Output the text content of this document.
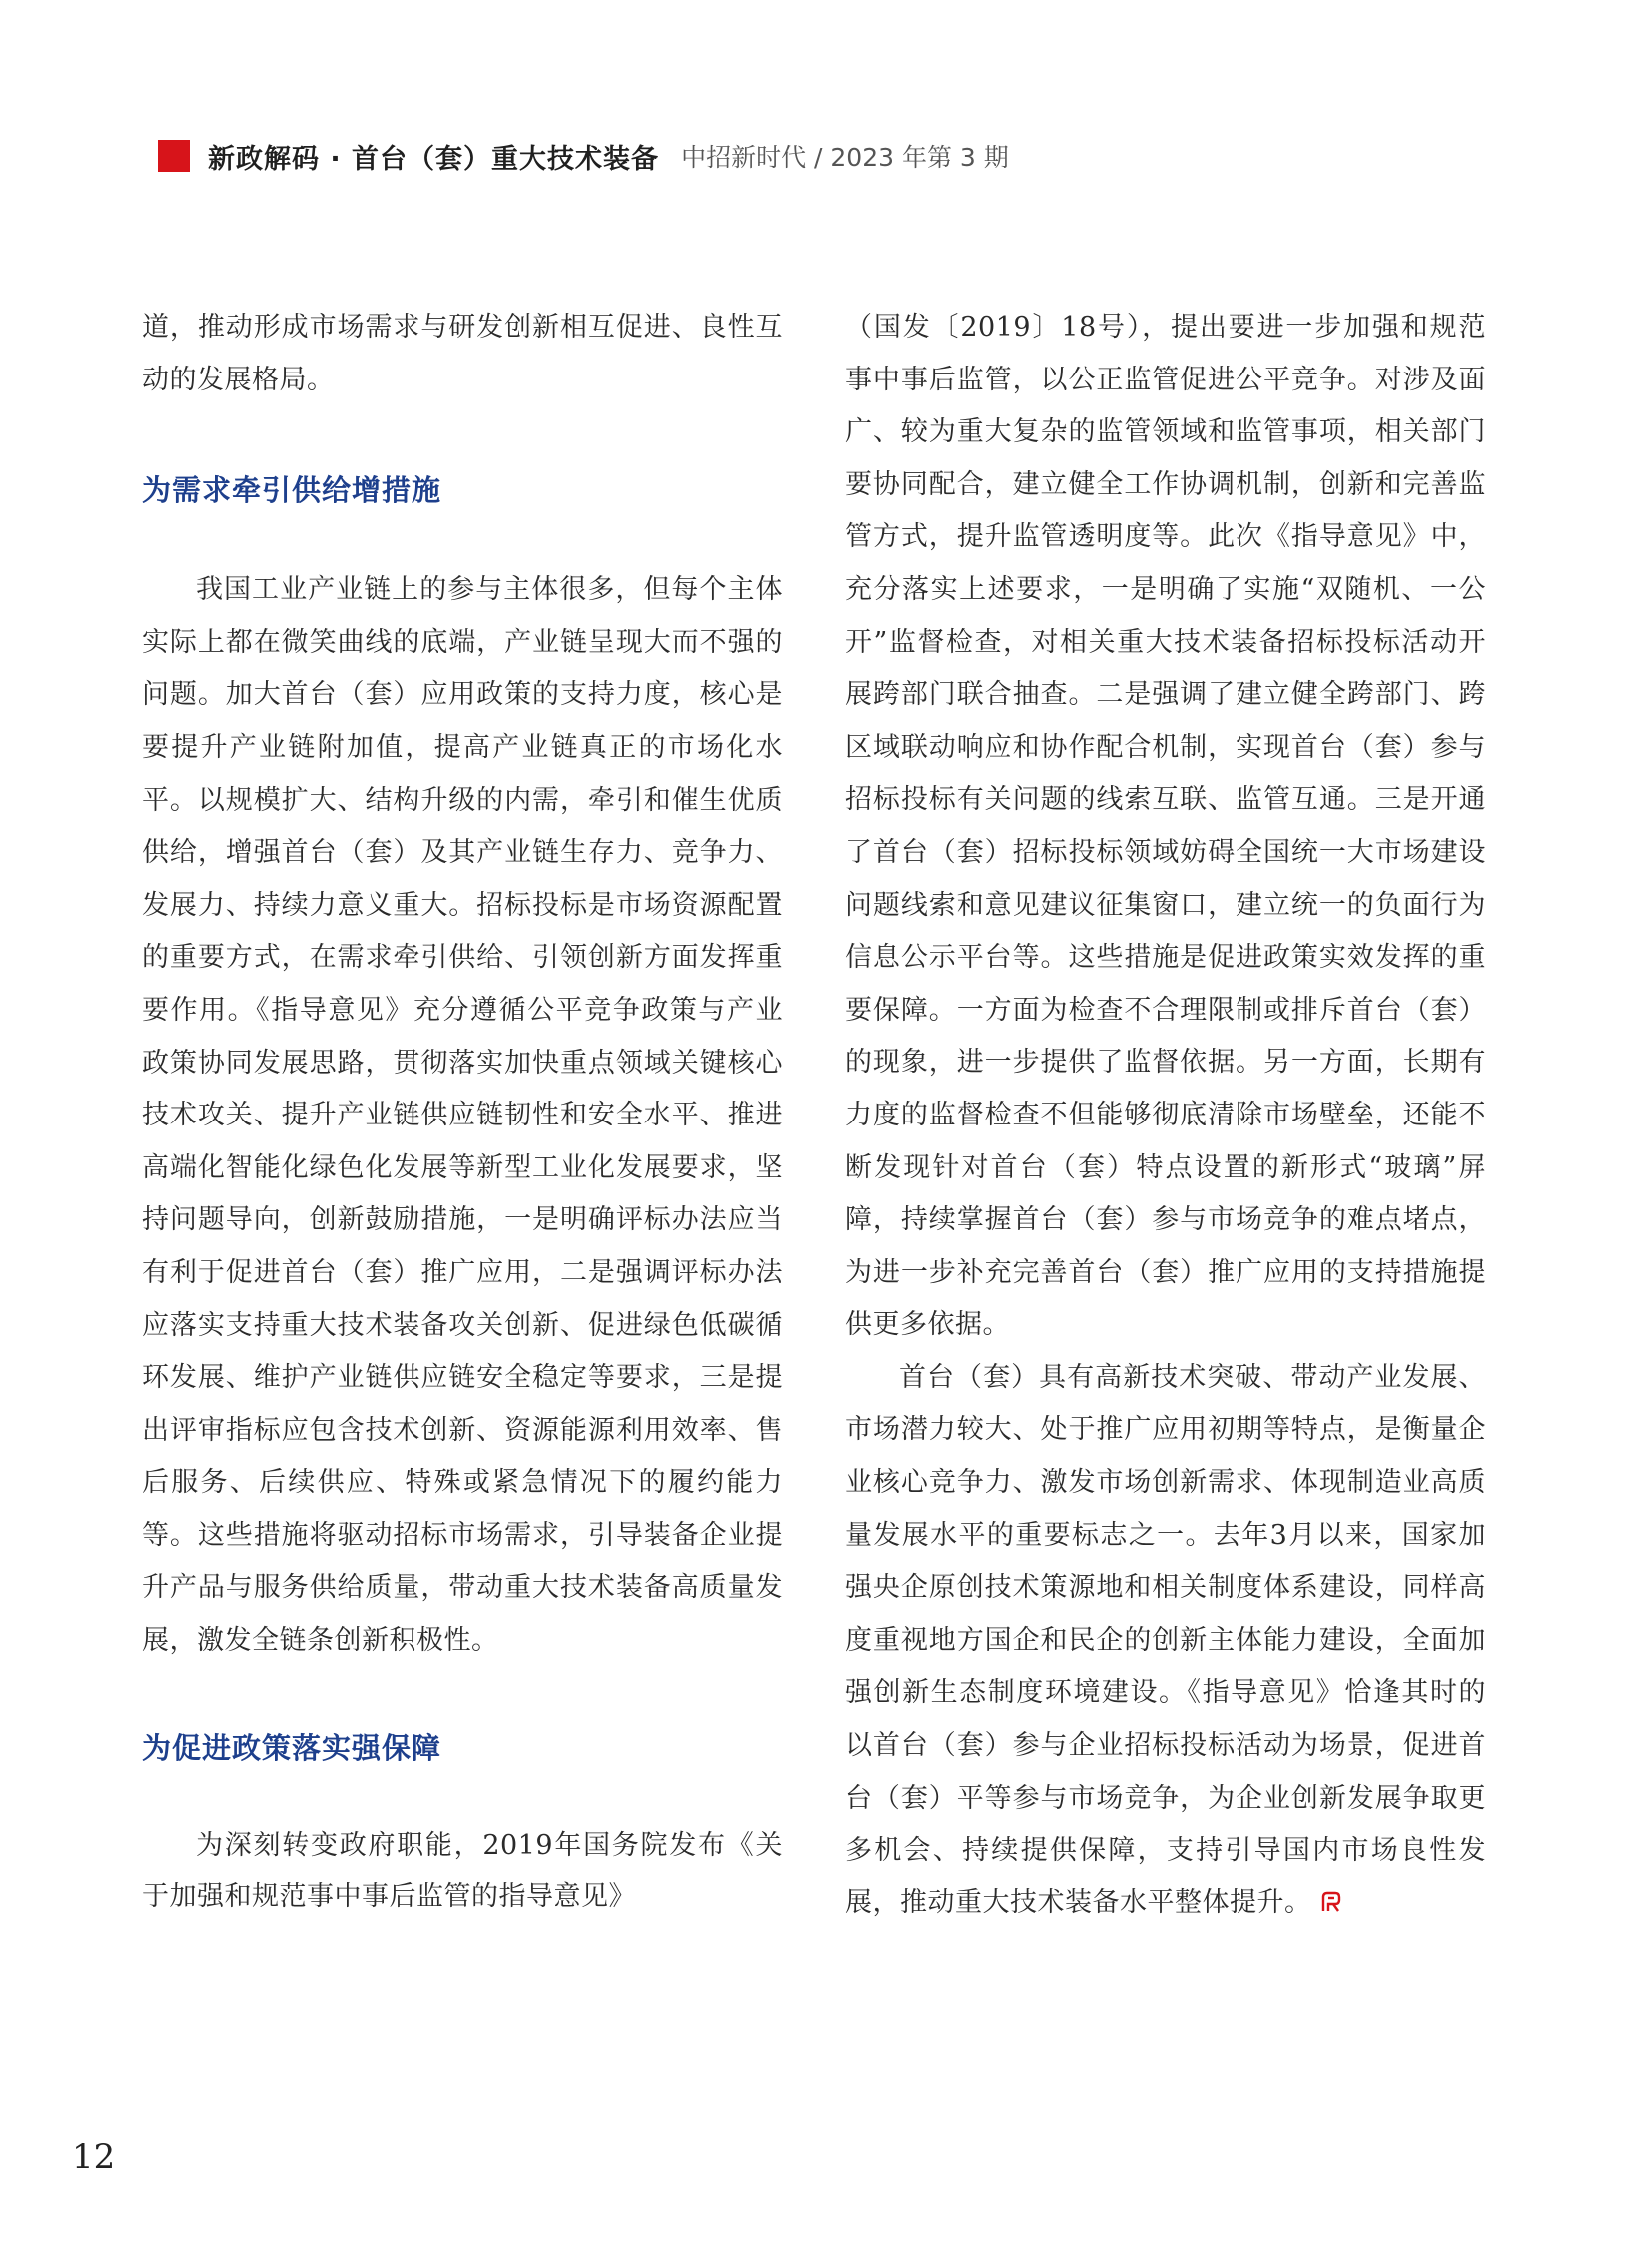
新政解码 · 首台（套）重大技术装备 中招新时代 / 2023 年第 3 期

道，推动形成市场需求与研发创新相互促进、良性互动的发展格局。

为需求牵引供给增措施

我国工业产业链上的参与主体很多，但每个主体实际上都在微笑曲线的底端，产业链呈现大而不强的问题。加大首台（套）应用政策的支持力度，核心是要提升产业链附加值，提高产业链真正的市场化水平。以规模扩大、结构升级的内需，牵引和催生优质供给，增强首台（套）及其产业链生存力、竞争力、发展力、持续力意义重大。招标投标是市场资源配置的重要方式，在需求牵引供给、引领创新方面发挥重要作用。《指导意见》充分遵循公平竞争政策与产业政策协同发展思路，贯彻落实加快重点领域关键核心技术攻关、提升产业链供应链韧性和安全水平、推进高端化智能化绿色化发展等新型工业化发展要求，坚持问题导向，创新鼓励措施，一是明确评标办法应当有利于促进首台（套）推广应用，二是强调评标办法应落实支持重大技术装备攻关创新、促进绿色低碳循环发展、维护产业链供应链安全稳定等要求，三是提出评审指标应包含技术创新、资源能源利用效率、售后服务、后续供应、特殊或紧急情况下的履约能力等。这些措施将驱动招标市场需求，引导装备企业提升产品与服务供给质量，带动重大技术装备高质量发展，激发全链条创新积极性。

为促进政策落实强保障

为深刻转变政府职能，2019年国务院发布《关于加强和规范事中事后监管的指导意见》

（国发〔2019〕18号），提出要进一步加强和规范事中事后监管，以公正监管促进公平竞争。对涉及面广、较为重大复杂的监管领域和监管事项，相关部门要协同配合，建立健全工作协调机制，创新和完善监管方式，提升监管透明度等。此次《指导意见》中，充分落实上述要求，一是明确了实施“双随机、一公开”监督检查，对相关重大技术装备招标投标活动开展跨部门联合抽查。二是强调了建立健全跨部门、跨区域联动响应和协作配合机制，实现首台（套）参与招标投标有关问题的线索互联、监管互通。三是开通了首台（套）招标投标领域妨碍全国统一大市场建设问题线索和意见建议征集窗口，建立统一的负面行为信息公示平台等。这些措施是促进政策实效发挥的重要保障。一方面为检查不合理限制或排斥首台（套）的现象，进一步提供了监督依据。另一方面，长期有力度的监督检查不但能够彻底清除市场壁垒，还能不断发现针对首台（套）特点设置的新形式“玻璃”屏障，持续掌握首台（套）参与市场竞争的难点堵点，为进一步补充完善首台（套）推广应用的支持措施提供更多依据。

首台（套）具有高新技术突破、带动产业发展、市场潜力较大、处于推广应用初期等特点，是衡量企业核心竞争力、激发市场创新需求、体现制造业高质量发展水平的重要标志之一。去年3月以来，国家加强央企原创技术策源地和相关制度体系建设，同样高度重视地方国企和民企的创新主体能力建设，全面加强创新生态制度环境建设。《指导意见》恰逢其时的以首台（套）参与企业招标投标活动为场景，促进首台（套）平等参与市场竞争，为企业创新发展争取更多机会、持续提供保障，支持引导国内市场良性发展，推动重大技术装备水平整体提升。

12
